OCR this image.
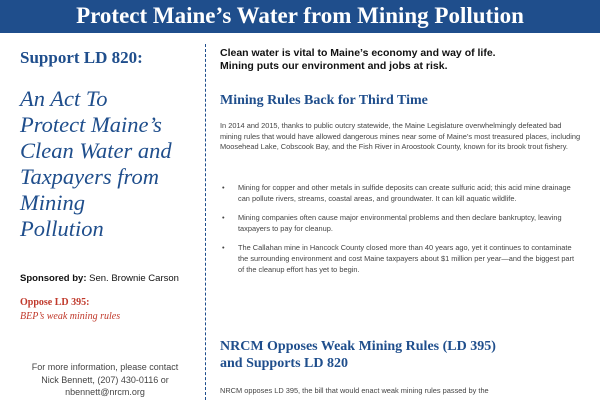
Protect Maine’s Water from Mining Pollution
Support LD 820:
An Act To
Protect Maine’s
Clean Water and
Taxpayers from
Mining
Pollution
Sponsored by: Sen. Brownie Carson
Oppose LD 395:
BEP’s weak mining rules
For more information, please contact
Nick Bennett, (207) 430-0116 or
nbennett@nrcm.org
Clean water is vital to Maine’s economy and way of life.
Mining puts our environment and jobs at risk.
Mining Rules Back for Third Time
In 2014 and 2015, thanks to public outcry statewide, the Maine Legislature overwhelmingly defeated bad mining rules that would have allowed dangerous mines near some of Maine’s most treasured places, including Moosehead Lake, Cobscook Bay, and the Fish River in Aroostook County, known for its brook trout fishery.
• Mining for copper and other metals in sulfide deposits can create sulfuric acid; this acid mine drainage can pollute rivers, streams, coastal areas, and groundwater. It can kill aquatic wildlife.
• Mining companies often cause major environmental problems and then declare bankruptcy, leaving taxpayers to pay for cleanup.
• The Callahan mine in Hancock County closed more than 40 years ago, yet it continues to contaminate the surrounding environment and cost Maine taxpayers about $1 million per year—and the biggest part of the cleanup effort has yet to begin.
NRCM Opposes Weak Mining Rules (LD 395)
and Supports LD 820
NRCM opposes LD 395, the bill that would enact weak mining rules passed by the
